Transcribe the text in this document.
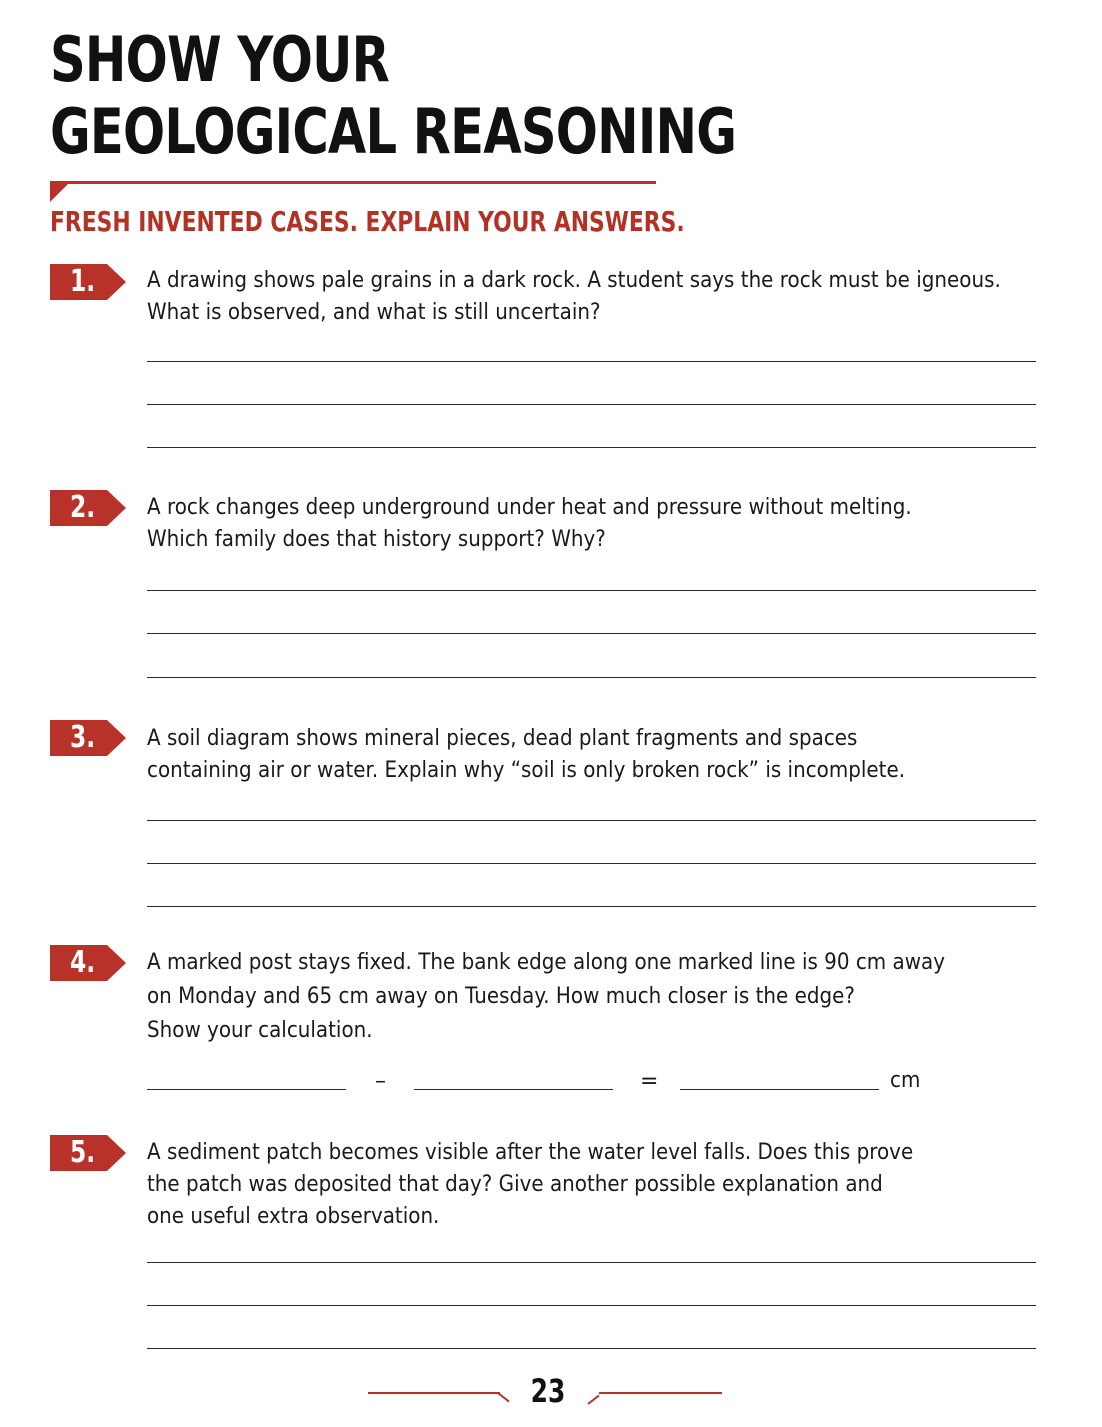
SHOW YOUR
GEOLOGICAL REASONING
FRESH INVENTED CASES. EXPLAIN YOUR ANSWERS.
1. A drawing shows pale grains in a dark rock. A student says the rock must be igneous.
What is observed, and what is still uncertain?

2. A rock changes deep underground under heat and pressure without melting.
Which family does that history support? Why?

3. A soil diagram shows mineral pieces, dead plant fragments and spaces
containing air or water. Explain why “soil is only broken rock” is incomplete.

4. A marked post stays fixed. The bank edge along one marked line is 90 cm away
on Monday and 65 cm away on Tuesday. How much closer is the edge?
Show your calculation.

–	=	cm
5. A sediment patch becomes visible after the water level falls. Does this prove
the patch was deposited that day? Give another possible explanation and
one useful extra observation.

23
